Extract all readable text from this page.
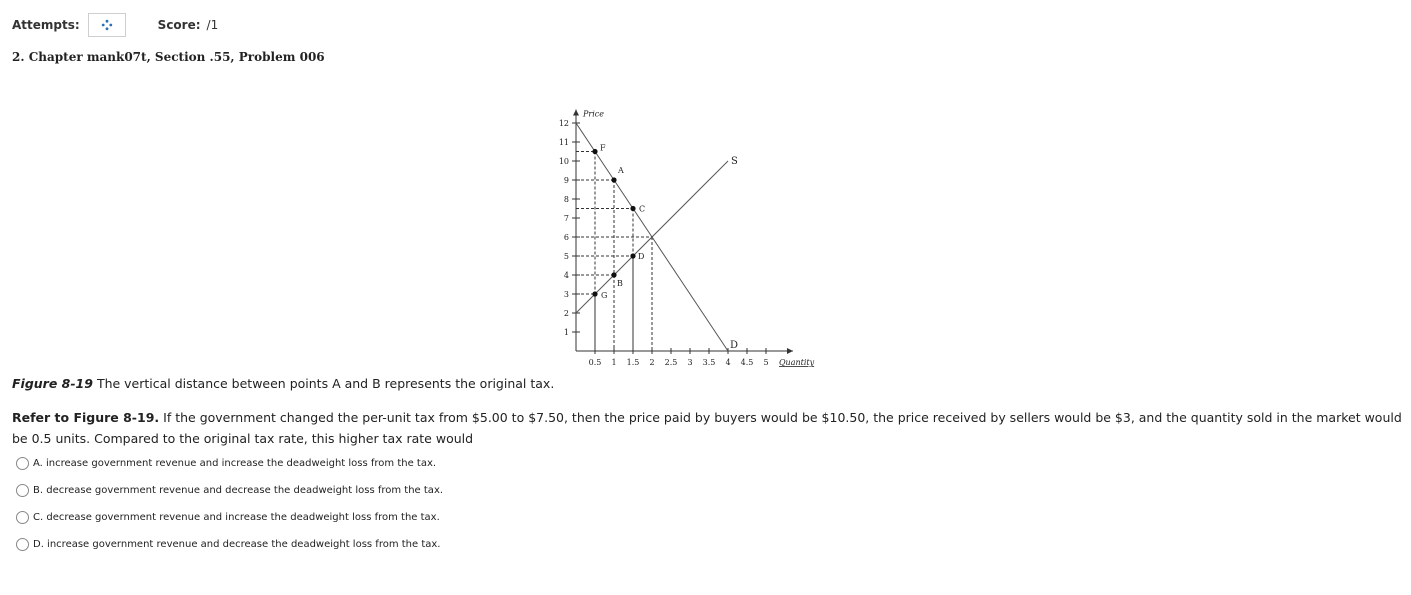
Attempts:	Score: /1
2. Chapter mank07t, Section .55, Problem 006
1
2
3
4
5
6
7
8
9
10
11
12
0.5 1 1.5 2 2.5 3 3.5 4 4.5 5
Price
Quantity
S
D
F
A
C
D
B
G
Figure 8-19 The vertical distance between points A and B represents the original tax.
Refer to Figure 8-19. If the government changed the per-unit tax from $5.00 to $7.50, then the price paid by buyers would be $10.50, the price received by sellers would be $3, and the quantity sold in the market would be 0.5 units. Compared to the original tax rate, this higher tax rate would
A. increase government revenue and increase the deadweight loss from the tax.
B. decrease government revenue and decrease the deadweight loss from the tax.
C. decrease government revenue and increase the deadweight loss from the tax.
D. increase government revenue and decrease the deadweight loss from the tax.
